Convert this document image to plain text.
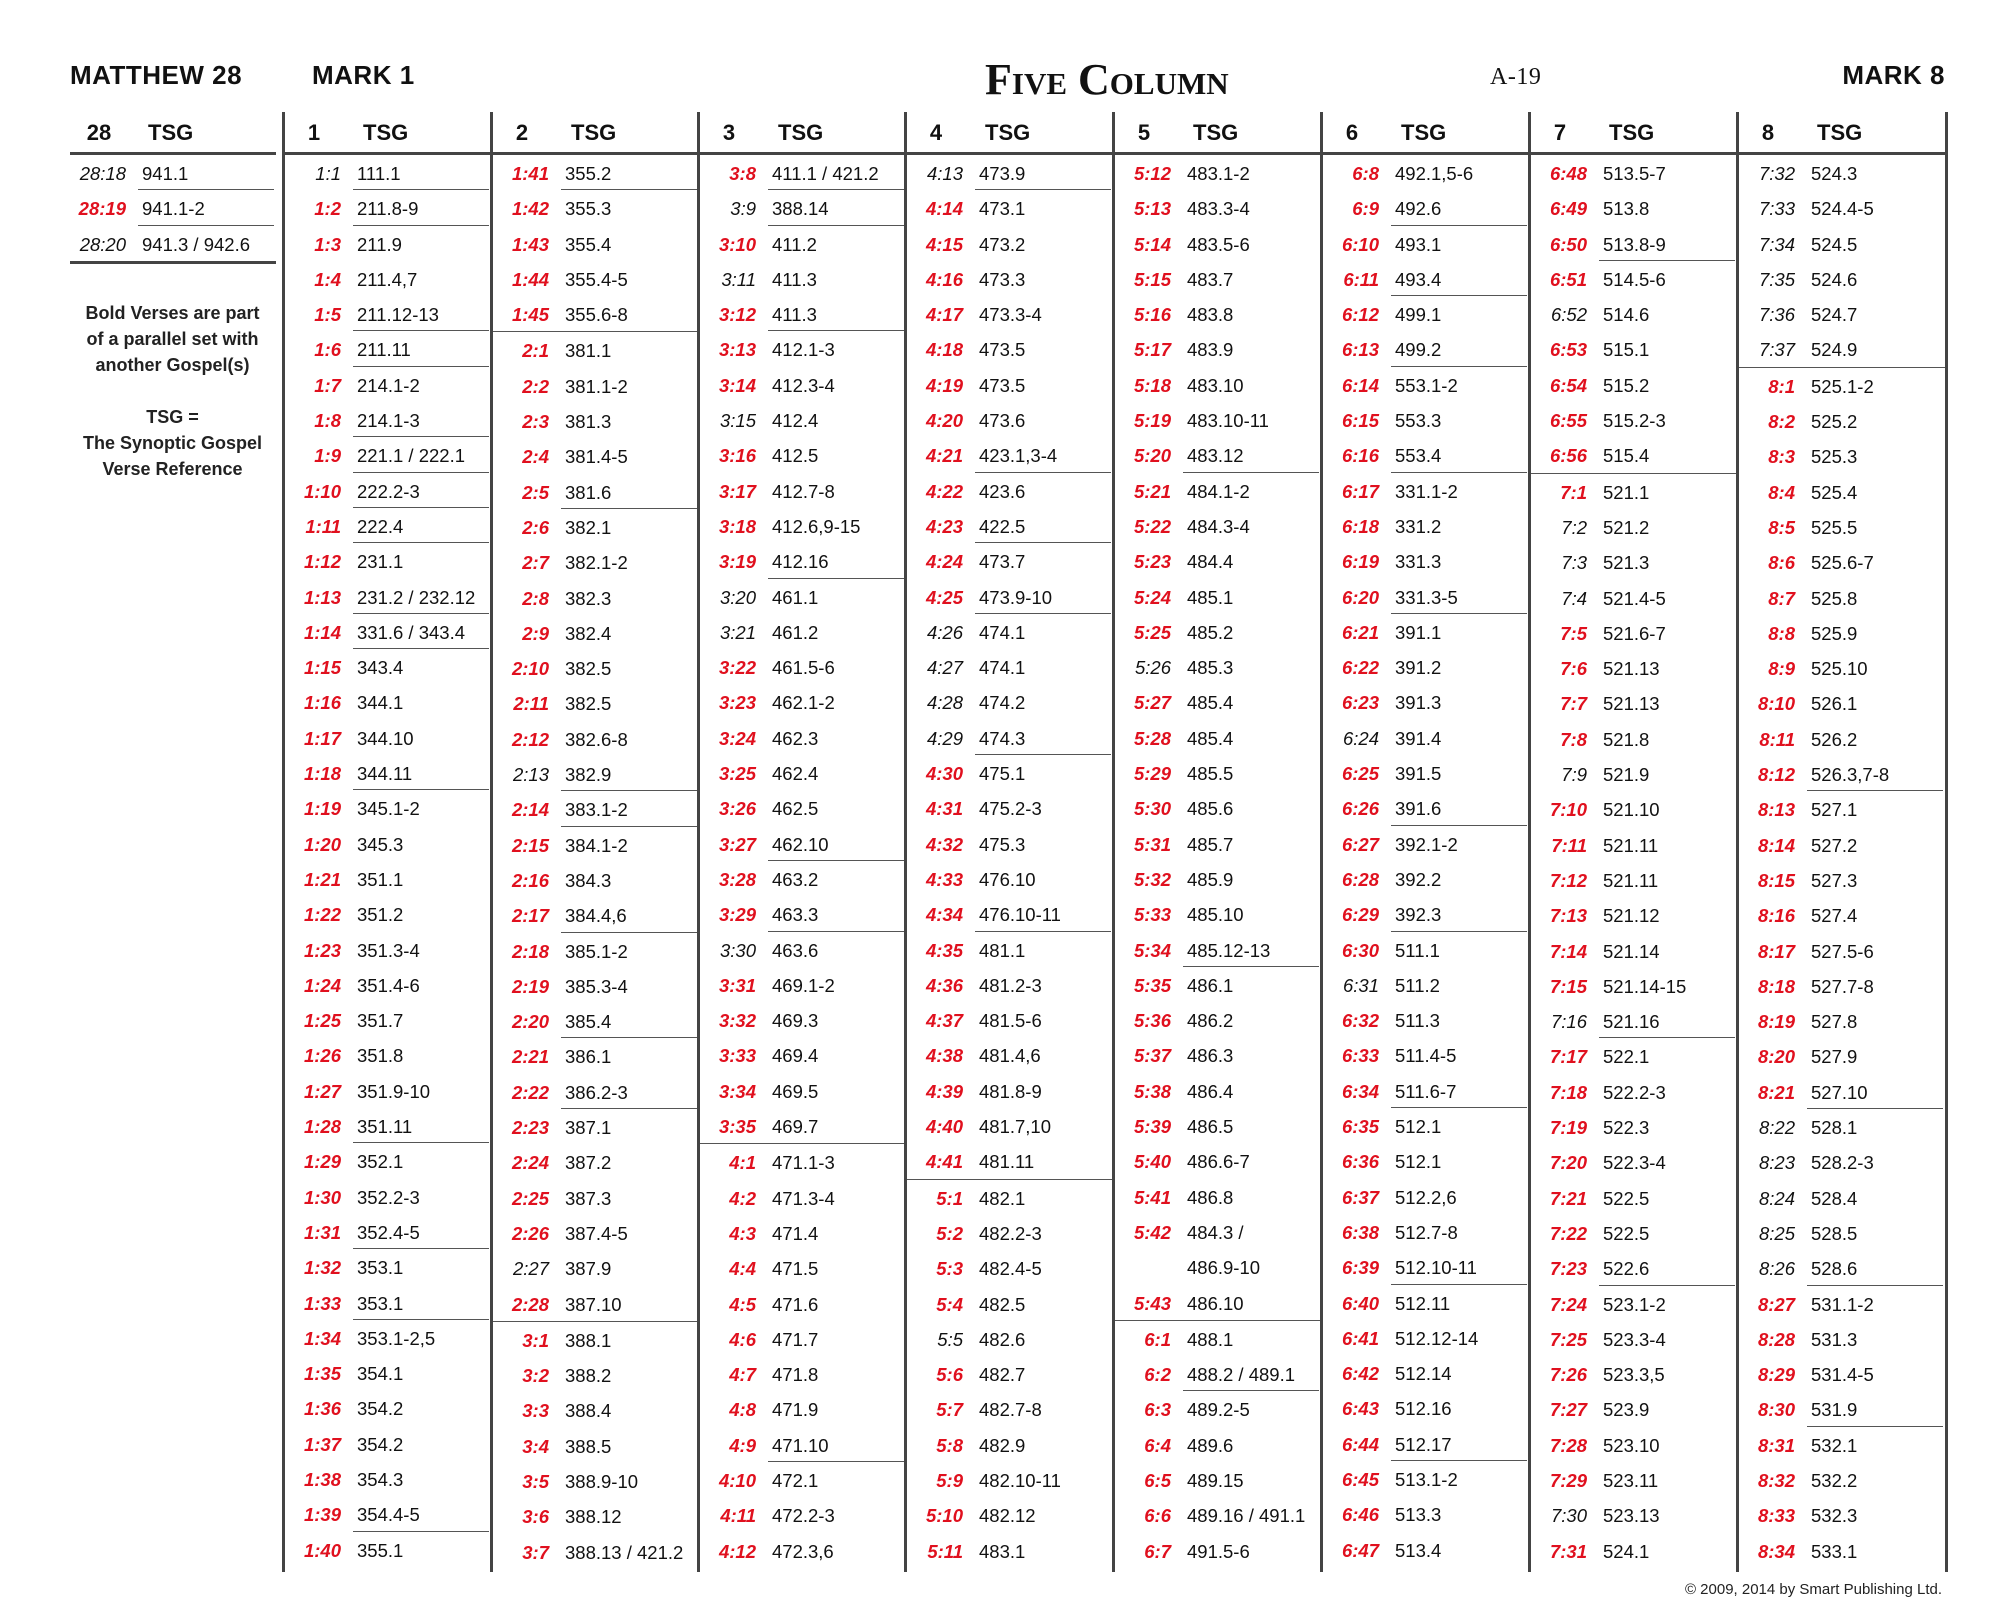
MATTHEW 28	MARK 1	Five Column	A-19	MARK 8
28	TSG
28:18 941.1
28:19 941.1-2
28:20 941.3 / 942.6
1	TSG
1:1 111.1
1:2 211.8-9
1:3 211.9
1:4 211.4,7
1:5 211.12-13
1:6 211.11
1:7 214.1-2
1:8 214.1-3
1:9 221.1 / 222.1
1:10 222.2-3
1:11 222.4
1:12 231.1
1:13 231.2 / 232.12
1:14 331.6 / 343.4
1:15 343.4
1:16 344.1
1:17 344.10
1:18 344.11
1:19 345.1-2
1:20 345.3
1:21 351.1
1:22 351.2
1:23 351.3-4
1:24 351.4-6
1:25 351.7
1:26 351.8
1:27 351.9-10
1:28 351.11
1:29 352.1
1:30 352.2-3
1:31 352.4-5
1:32 353.1
1:33 353.1
1:34 353.1-2,5
1:35 354.1
1:36 354.2
1:37 354.2
1:38 354.3
1:39 354.4-5
1:40 355.1
2	TSG
1:41 355.2
1:42 355.3
1:43 355.4
1:44 355.4-5
1:45 355.6-8
2:1 381.1
2:2 381.1-2
2:3 381.3
2:4 381.4-5
2:5 381.6
2:6 382.1
2:7 382.1-2
2:8 382.3
2:9 382.4
2:10 382.5
2:11 382.5
2:12 382.6-8
2:13 382.9
2:14 383.1-2
2:15 384.1-2
2:16 384.3
2:17 384.4,6
2:18 385.1-2
2:19 385.3-4
2:20 385.4
2:21 386.1
2:22 386.2-3
2:23 387.1
2:24 387.2
2:25 387.3
2:26 387.4-5
2:27 387.9
2:28 387.10
3:1 388.1
3:2 388.2
3:3 388.4
3:4 388.5
3:5 388.9-10
3:6 388.12
3:7 388.13 / 421.2
3	TSG
3:8 411.1 / 421.2
3:9 388.14
3:10 411.2
3:11 411.3
3:12 411.3
3:13 412.1-3
3:14 412.3-4
3:15 412.4
3:16 412.5
3:17 412.7-8
3:18 412.6,9-15
3:19 412.16
3:20 461.1
3:21 461.2
3:22 461.5-6
3:23 462.1-2
3:24 462.3
3:25 462.4
3:26 462.5
3:27 462.10
3:28 463.2
3:29 463.3
3:30 463.6
3:31 469.1-2
3:32 469.3
3:33 469.4
3:34 469.5
3:35 469.7
4:1 471.1-3
4:2 471.3-4
4:3 471.4
4:4 471.5
4:5 471.6
4:6 471.7
4:7 471.8
4:8 471.9
4:9 471.10
4:10 472.1
4:11 472.2-3
4:12 472.3,6
4	TSG
4:13 473.9
4:14 473.1
4:15 473.2
4:16 473.3
4:17 473.3-4
4:18 473.5
4:19 473.5
4:20 473.6
4:21 423.1,3-4
4:22 423.6
4:23 422.5
4:24 473.7
4:25 473.9-10
4:26 474.1
4:27 474.1
4:28 474.2
4:29 474.3
4:30 475.1
4:31 475.2-3
4:32 475.3
4:33 476.10
4:34 476.10-11
4:35 481.1
4:36 481.2-3
4:37 481.5-6
4:38 481.4,6
4:39 481.8-9
4:40 481.7,10
4:41 481.11
5:1 482.1
5:2 482.2-3
5:3 482.4-5
5:4 482.5
5:5 482.6
5:6 482.7
5:7 482.7-8
5:8 482.9
5:9 482.10-11
5:10 482.12
5:11 483.1
5	TSG
5:12 483.1-2
5:13 483.3-4
5:14 483.5-6
5:15 483.7
5:16 483.8
5:17 483.9
5:18 483.10
5:19 483.10-11
5:20 483.12
5:21 484.1-2
5:22 484.3-4
5:23 484.4
5:24 485.1
5:25 485.2
5:26 485.3
5:27 485.4
5:28 485.4
5:29 485.5
5:30 485.6
5:31 485.7
5:32 485.9
5:33 485.10
5:34 485.12-13
5:35 486.1
5:36 486.2
5:37 486.3
5:38 486.4
5:39 486.5
5:40 486.6-7
5:41 486.8
5:42 484.3 /
486.9-10
5:43 486.10
6:1 488.1
6:2 488.2 / 489.1
6:3 489.2-5
6:4 489.6
6:5 489.15
6:6 489.16 / 491.1
6:7 491.5-6
6	TSG
6:8 492.1,5-6
6:9 492.6
6:10 493.1
6:11 493.4
6:12 499.1
6:13 499.2
6:14 553.1-2
6:15 553.3
6:16 553.4
6:17 331.1-2
6:18 331.2
6:19 331.3
6:20 331.3-5
6:21 391.1
6:22 391.2
6:23 391.3
6:24 391.4
6:25 391.5
6:26 391.6
6:27 392.1-2
6:28 392.2
6:29 392.3
6:30 511.1
6:31 511.2
6:32 511.3
6:33 511.4-5
6:34 511.6-7
6:35 512.1
6:36 512.1
6:37 512.2,6
6:38 512.7-8
6:39 512.10-11
6:40 512.11
6:41 512.12-14
6:42 512.14
6:43 512.16
6:44 512.17
6:45 513.1-2
6:46 513.3
6:47 513.4
7	TSG
6:48 513.5-7
6:49 513.8
6:50 513.8-9
6:51 514.5-6
6:52 514.6
6:53 515.1
6:54 515.2
6:55 515.2-3
6:56 515.4
7:1 521.1
7:2 521.2
7:3 521.3
7:4 521.4-5
7:5 521.6-7
7:6 521.13
7:7 521.13
7:8 521.8
7:9 521.9
7:10 521.10
7:11 521.11
7:12 521.11
7:13 521.12
7:14 521.14
7:15 521.14-15
7:16 521.16
7:17 522.1
7:18 522.2-3
7:19 522.3
7:20 522.3-4
7:21 522.5
7:22 522.5
7:23 522.6
7:24 523.1-2
7:25 523.3-4
7:26 523.3,5
7:27 523.9
7:28 523.10
7:29 523.11
7:30 523.13
7:31 524.1
8	TSG
7:32 524.3
7:33 524.4-5
7:34 524.5
7:35 524.6
7:36 524.7
7:37 524.9
8:1 525.1-2
8:2 525.2
8:3 525.3
8:4 525.4
8:5 525.5
8:6 525.6-7
8:7 525.8
8:8 525.9
8:9 525.10
8:10 526.1
8:11 526.2
8:12 526.3,7-8
8:13 527.1
8:14 527.2
8:15 527.3
8:16 527.4
8:17 527.5-6
8:18 527.7-8
8:19 527.8
8:20 527.9
8:21 527.10
8:22 528.1
8:23 528.2-3
8:24 528.4
8:25 528.5
8:26 528.6
8:27 531.1-2
8:28 531.3
8:29 531.4-5
8:30 531.9
8:31 532.1
8:32 532.2
8:33 532.3
8:34 533.1
Bold Verses are part
of a parallel set with
another Gospel(s)
TSG =
The Synoptic Gospel
Verse Reference
© 2009, 2014 by Smart Publishing Ltd.
